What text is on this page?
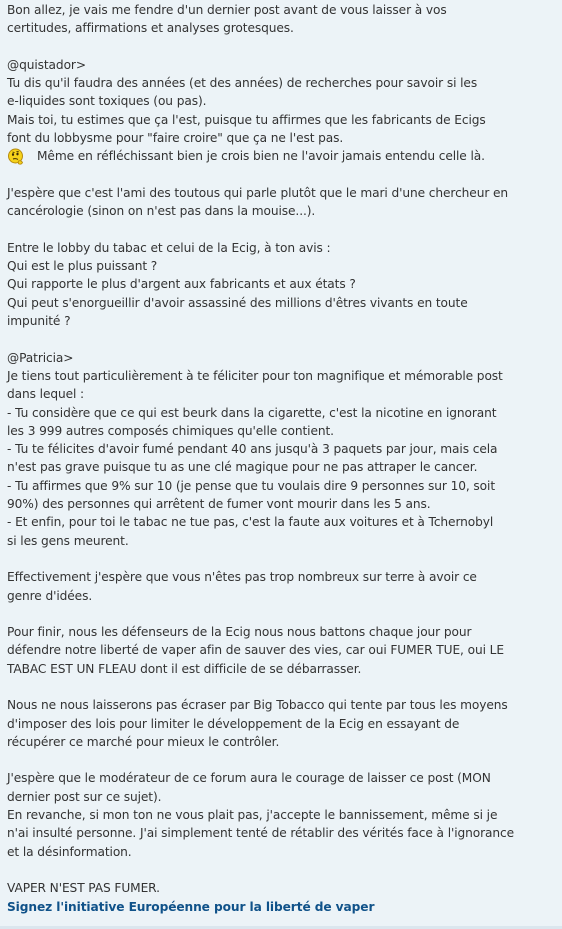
Bon allez, je vais me fendre d'un dernier post avant de vous laisser à vos
certitudes, affirmations et analyses grotesques.
@quistador>
Tu dis qu'il faudra des années (et des années) de recherches pour savoir si les
e-liquides sont toxiques (ou pas).
Mais toi, tu estimes que ça l'est, puisque tu affirmes que les fabricants de Ecigs
font du lobbysme pour "faire croire" que ça ne l'est pas.
Même en réfléchissant bien je crois bien ne l'avoir jamais entendu celle là.
J'espère que c'est l'ami des toutous qui parle plutôt que le mari d'une chercheur en
cancérologie (sinon on n'est pas dans la mouise...).
Entre le lobby du tabac et celui de la Ecig, à ton avis :
Qui est le plus puissant ?
Qui rapporte le plus d'argent aux fabricants et aux états ?
Qui peut s'enorgueillir d'avoir assassiné des millions d'êtres vivants en toute
impunité ?
@Patricia>
Je tiens tout particulièrement à te féliciter pour ton magnifique et mémorable post
dans lequel :
- Tu considère que ce qui est beurk dans la cigarette, c'est la nicotine en ignorant
les 3 999 autres composés chimiques qu'elle contient.
- Tu te félicites d'avoir fumé pendant 40 ans jusqu'à 3 paquets par jour, mais cela
n'est pas grave puisque tu as une clé magique pour ne pas attraper le cancer.
- Tu affirmes que 9% sur 10 (je pense que tu voulais dire 9 personnes sur 10, soit
90%) des personnes qui arrêtent de fumer vont mourir dans les 5 ans.
- Et enfin, pour toi le tabac ne tue pas, c'est la faute aux voitures et à Tchernobyl
si les gens meurent.
Effectivement j'espère que vous n'êtes pas trop nombreux sur terre à avoir ce
genre d'idées.
Pour finir, nous les défenseurs de la Ecig nous nous battons chaque jour pour
défendre notre liberté de vaper afin de sauver des vies, car oui FUMER TUE, oui LE
TABAC EST UN FLEAU dont il est difficile de se débarrasser.
Nous ne nous laisserons pas écraser par Big Tobacco qui tente par tous les moyens
d'imposer des lois pour limiter le développement de la Ecig en essayant de
récupérer ce marché pour mieux le contrôler.
J'espère que le modérateur de ce forum aura le courage de laisser ce post (MON
dernier post sur ce sujet).
En revanche, si mon ton ne vous plait pas, j'accepte le bannissement, même si je
n'ai insulté personne. J'ai simplement tenté de rétablir des vérités face à l'ignorance
et la désinformation.
VAPER N'EST PAS FUMER.
Signez l'initiative Européenne pour la liberté de vaper
